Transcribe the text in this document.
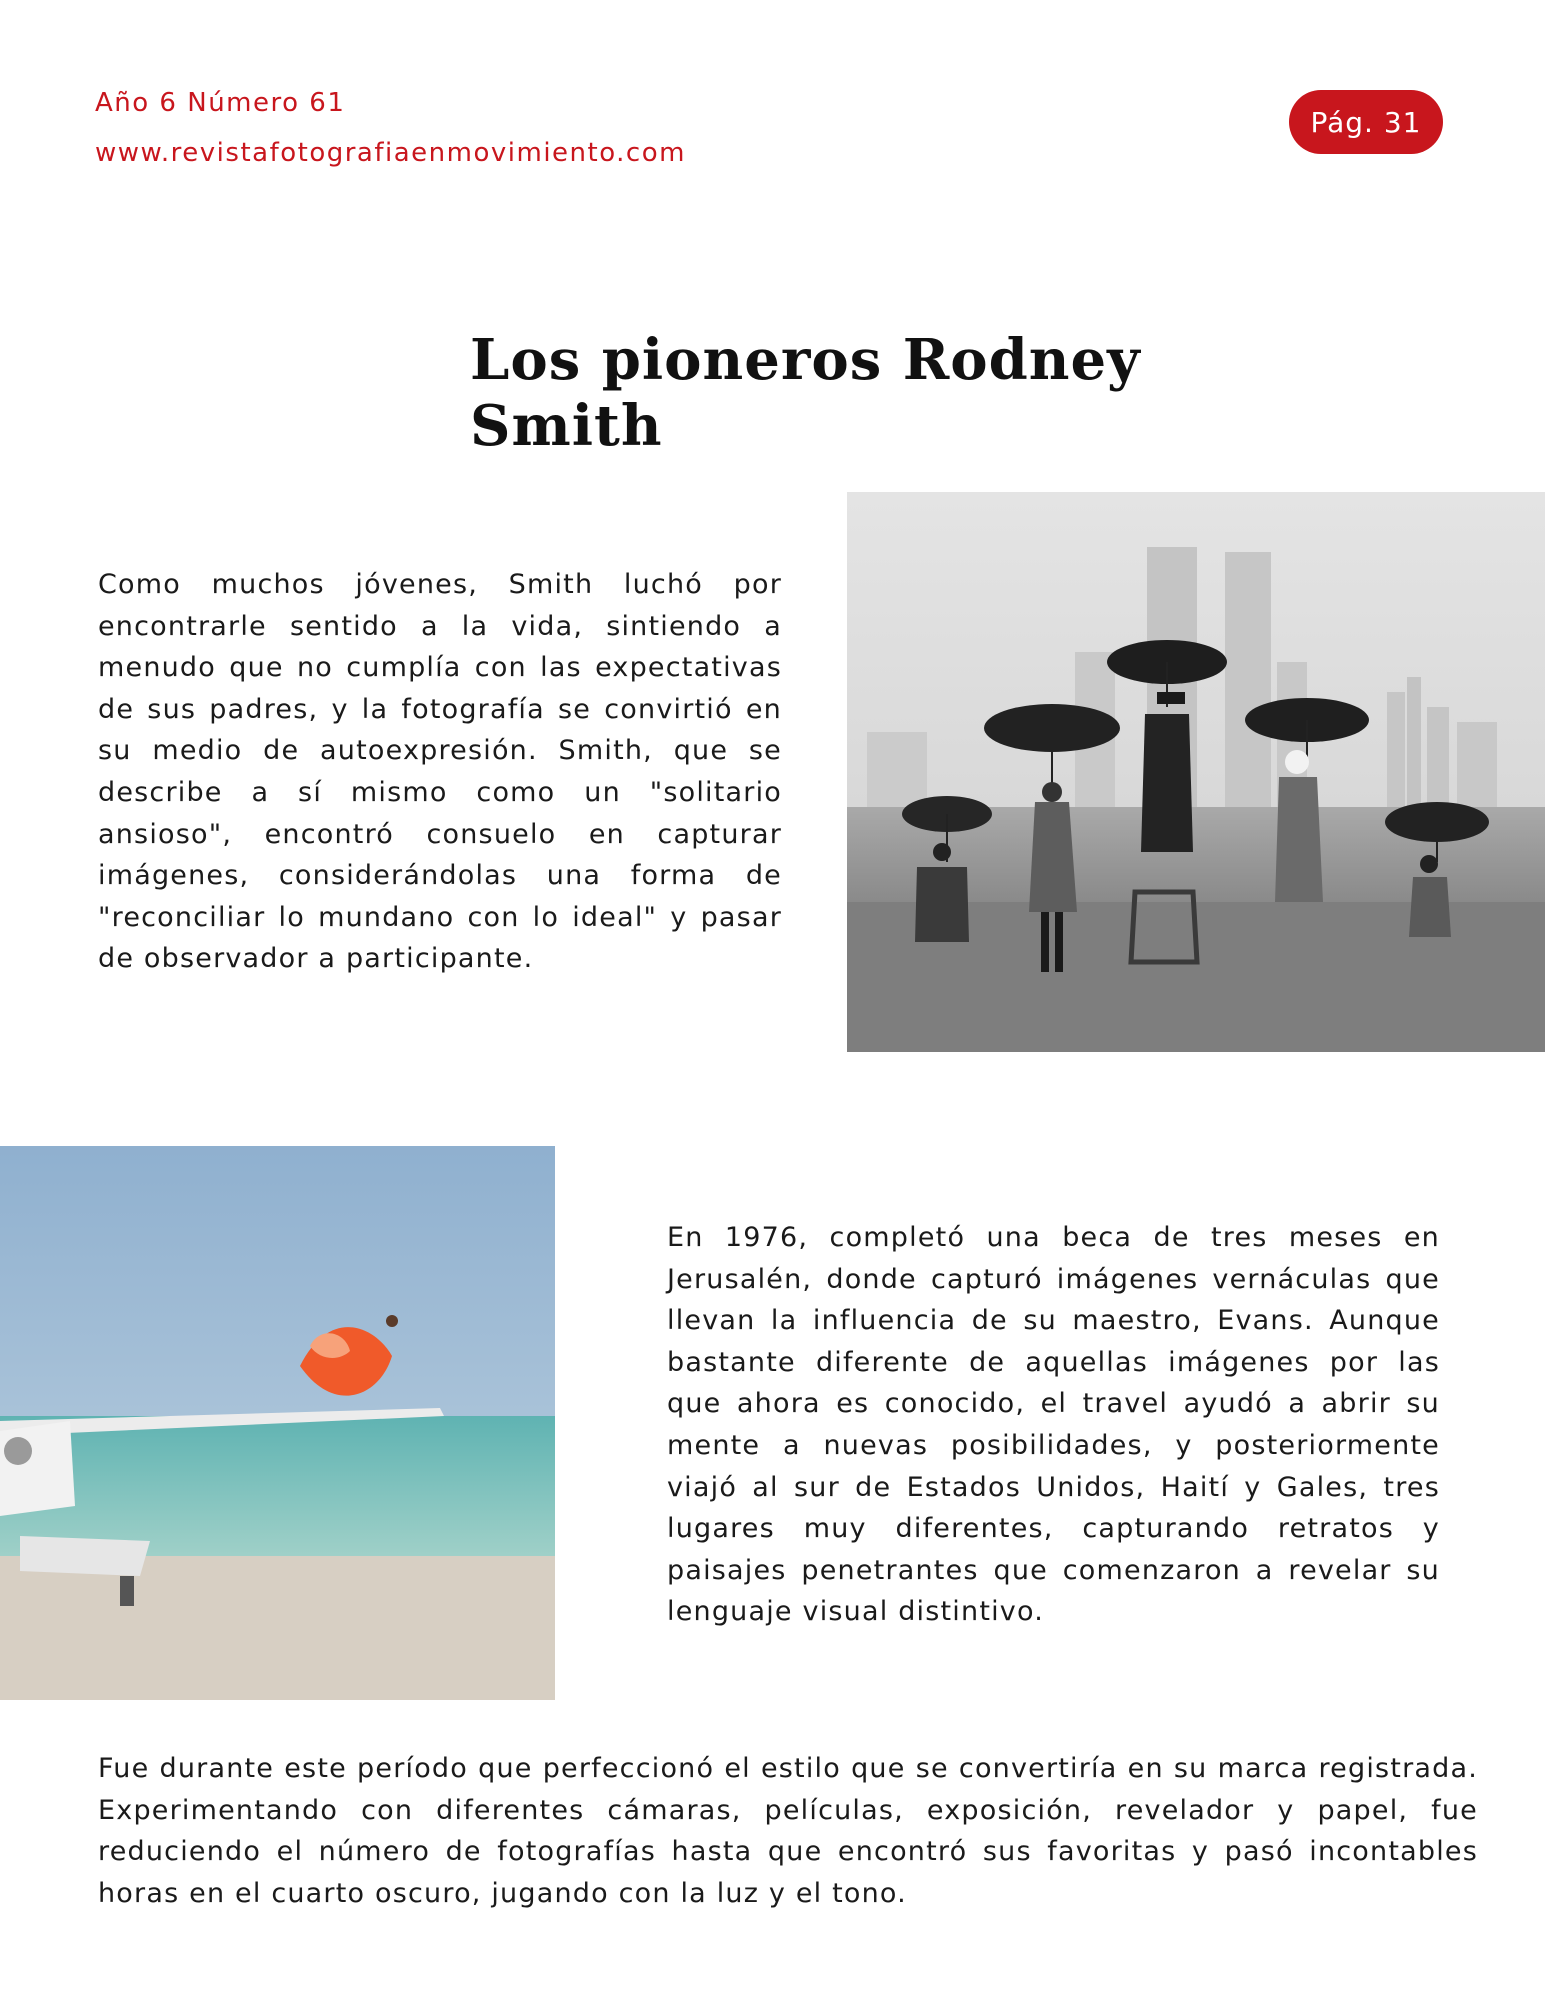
Año 6 Número 61
www.revistafotografiaenmovimiento.com
Pág. 31
Los pioneros Rodney Smith

Como muchos jóvenes, Smith luchó por encontrarle sentido a la vida, sintiendo a menudo que no cumplía con las expectativas de sus padres, y la fotografía se convirtió en su medio de autoexpresión. Smith, que se describe a sí mismo como un "solitario ansioso", encontró consuelo en capturar imágenes, considerándolas una forma de "reconciliar lo mundano con lo ideal" y pasar de observador a participante.

En 1976, completó una beca de tres meses en Jerusalén, donde capturó imágenes vernáculas que llevan la influencia de su maestro, Evans. Aunque bastante diferente de aquellas imágenes por las que ahora es conocido, el travel ayudó a abrir su mente a nuevas posibilidades, y posteriormente viajó al sur de Estados Unidos, Haití y Gales, tres lugares muy diferentes, capturando retratos y paisajes penetrantes que comenzaron a revelar su lenguaje visual distintivo.

Fue durante este período que perfeccionó el estilo que se convertiría en su marca registrada. Experimentando con diferentes cámaras, películas, exposición, revelador y papel, fue reduciendo el número de fotografías hasta que encontró sus favoritas y pasó incontables horas en el cuarto oscuro, jugando con la luz y el tono.
